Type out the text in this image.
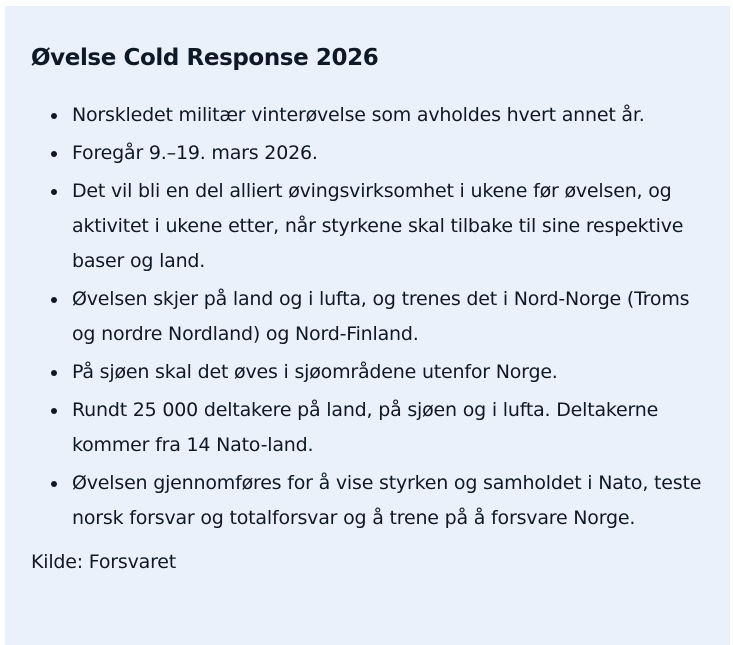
Øvelse Cold Response 2026
Norskledet militær vinterøvelse som avholdes hvert annet år.
Foregår 9.–19. mars 2026.
Det vil bli en del alliert øvingsvirksomhet i ukene før øvelsen, og aktivitet i ukene etter, når styrkene skal tilbake til sine respektive baser og land.
Øvelsen skjer på land og i lufta, og trenes det i Nord-Norge (Troms og nordre Nordland) og Nord-Finland.
På sjøen skal det øves i sjøområdene utenfor Norge.
Rundt 25 000 deltakere på land, på sjøen og i lufta. Deltakerne kommer fra 14 Nato-land.
Øvelsen gjennomføres for å vise styrken og samholdet i Nato, teste norsk forsvar og totalforsvar og å trene på å forsvare Norge.
Kilde: Forsvaret
